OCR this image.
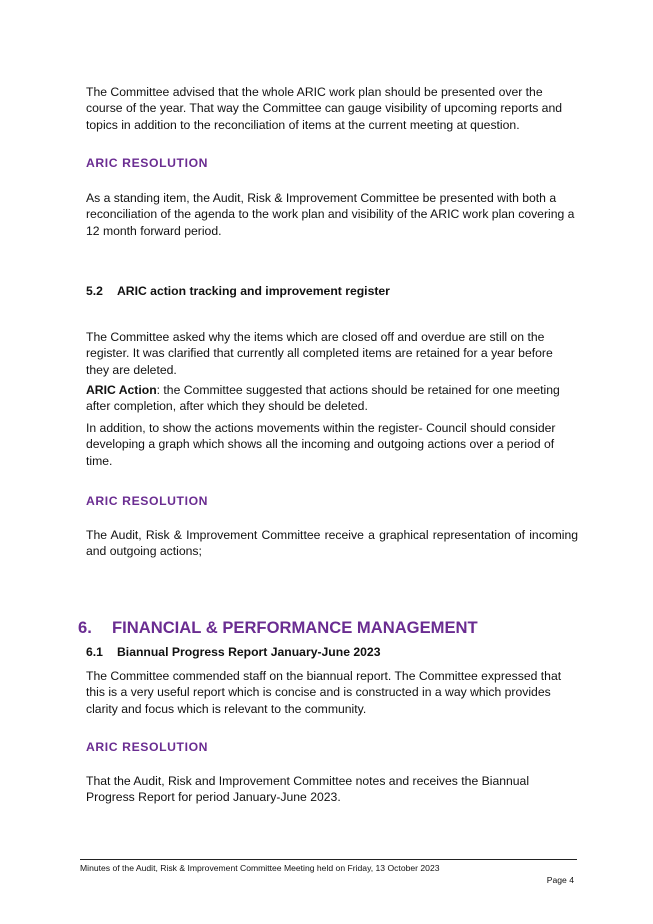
The Committee advised that the whole ARIC work plan should be presented over the course of the year. That way the Committee can gauge visibility of upcoming reports and topics in addition to the reconciliation of items at the current meeting at question.

ARIC RESOLUTION

As a standing item, the Audit, Risk & Improvement Committee be presented with both a reconciliation of the agenda to the work plan and visibility of the ARIC work plan covering a 12 month forward period.

5.2 ARIC action tracking and improvement register

The Committee asked why the items which are closed off and overdue are still on the register. It was clarified that currently all completed items are retained for a year before they are deleted.

ARIC Action: the Committee suggested that actions should be retained for one meeting after completion, after which they should be deleted.

In addition, to show the actions movements within the register- Council should consider developing a graph which shows all the incoming and outgoing actions over a period of time.

ARIC RESOLUTION

The Audit, Risk & Improvement Committee receive a graphical representation of incoming and outgoing actions;

6. FINANCIAL & PERFORMANCE MANAGEMENT

6.1 Biannual Progress Report January-June 2023

The Committee commended staff on the biannual report. The Committee expressed that this is a very useful report which is concise and is constructed in a way which provides clarity and focus which is relevant to the community.

ARIC RESOLUTION

That the Audit, Risk and Improvement Committee notes and receives the Biannual Progress Report for period January-June 2023.

Minutes of the Audit, Risk & Improvement Committee Meeting held on Friday, 13 October 2023
Page 4
